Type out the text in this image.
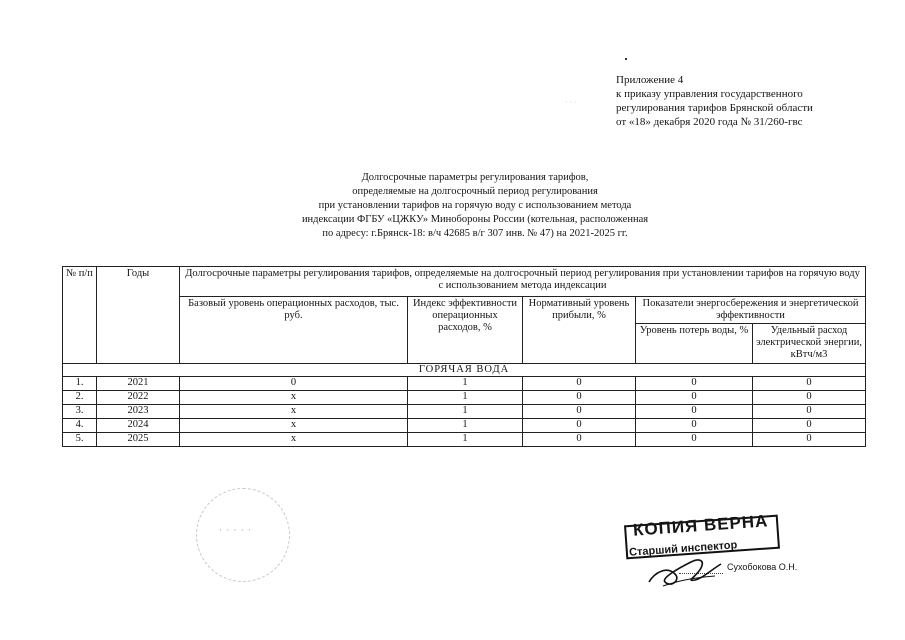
· · ·
Приложение 4
к приказу управления государственного
регулирования тарифов Брянской области
от «18» декабря 2020 года № 31/260-гвс
Долгосрочные параметры регулирования тарифов,
определяемые на долгосрочный период регулирования
при установлении тарифов на горячую воду с использованием метода
индексации ФГБУ «ЦЖКУ» Минобороны России (котельная, расположенная
по адресу: г.Брянск-18: в/ч 42685 в/г 307 инв. № 47) на 2021-2025 гг.
№ п/п	Годы	Долгосрочные параметры регулирования тарифов, определяемые на долгосрочный период регулирования при установлении тарифов на горячую воду с использованием метода индексации				
		Базовый уровень операционных расходов, тыс. руб.	Индекс эффективности операционных расходов, %	Нормативный уровень прибыли, %	Показатели энергосбережения и энергетической эффективности	
					Уровень потерь воды, %	Удельный расход электрической энергии, кВтч/м3
ГОРЯЧАЯ ВОДА						
1.	2021	0	1	0	0	0
2.	2022	х	1	0	0	0
3.	2023	х	1	0	0	0
4.	2024	х	1	0	0	0
5.	2025	х	1	0	0	0
· · · · ·	КОПИЯ ВЕРНА
Старший инспектор
Сухобокова О.Н.
